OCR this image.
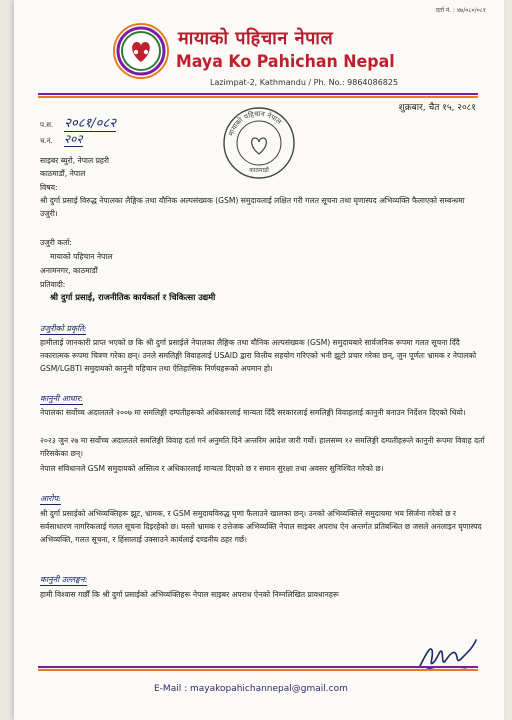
दर्ता नं. : ४७/०८०/०८१
मायाको पहिचान नेपाल
Maya Ko Pahichan Nepal
Lazimpat-2, Kathmandu / Ph. No.: 9864086825
प.स. २०८१/०८२
च.नं. २०२	मायाको पहिचान नेपाल
काठमाडौं
शुक्रबार, चैत १५, २०८१
साइबर ब्युरो, नेपाल प्रहरी
काठमाडौं, नेपाल
विषय:
श्री दुर्गा प्रसाई विरुद्ध नेपालका लैङ्गिक तथा यौनिक अल्पसंख्यक (GSM) समुदायलाई लक्षित गरी गलत सूचना तथा घृणास्पद अभिव्यक्ति फैलाएको सम्बन्धमा उजुरी।
उजुरी कर्ता:
मायाको पहिचान नेपाल
अनामनगर, काठमाडौं
प्रतिवादी:
श्री दुर्गा प्रसाई, राजनीतिक कार्यकर्ता र चिकित्सा उद्यमी
उजुरीको प्रकृति:
हामीलाई जानकारी प्राप्त भएको छ कि श्री दुर्गा प्रसाईले नेपालका लैङ्गिक तथा यौनिक अल्पसंख्यक (GSM) समुदायबारे सार्वजनिक रूपमा गलत सूचना दिँदै नकारात्मक रूपमा चित्रण गरेका छन्। उनले समलिङ्गी विवाहलाई USAID द्वारा वित्तीय सहयोग गरिएको भनी झूटो प्रचार गरेका छन्, जुन पूर्णतः भ्रामक र नेपालको GSM/LGBTI समुदायको कानुनी पहिचान तथा ऐतिहासिक निर्णयहरूको अपमान हो।
कानुनी आधार:
नेपालका सर्वोच्च अदालतले २००७ मा समलिङ्गी दम्पतीहरूको अधिकारलाई मान्यता दिँदै सरकारलाई समलिङ्गी विवाहलाई कानुनी बनाउन निर्देशन दिएको थियो।
२०२३ जुन २७ मा सर्वोच्च अदालतले समलिङ्गी विवाह दर्ता गर्न अनुमति दिने अन्तरिम आदेश जारी गर्यो। हालसम्म १२ समलिङ्गी दम्पतीहरूले कानुनी रूपमा विवाह दर्ता गरिसकेका छन्।
नेपाल संविधानले GSM समुदायको अस्तित्व र अधिकारलाई मान्यता दिएको छ र समान सुरक्षा तथा अवसर सुनिश्चित गरेको छ।
आरोप:
श्री दुर्गा प्रसाईको अभिव्यक्तिहरू झूट, भ्रामक, र GSM समुदायविरुद्ध घृणा फैलाउने खालका छन्। उनको अभिव्यक्तिले समुदायमा भय सिर्जना गरेको छ र सर्वसाधारण नागरिकलाई गलत सूचना दिइरहेको छ। यस्तो भ्रामक र उत्तेजक अभिव्यक्ति नेपाल साइबर अपराध ऐन अन्तर्गत प्रतिबन्धित छ जसले अनलाइन घृणास्पद अभिव्यक्ति, गलत सूचना, र हिंसालाई उक्साउने कार्यलाई दण्डनीय ठहर गर्छ।
कानुनी उल्लङ्घन:
हामी विश्वास गर्छौं कि श्री दुर्गा प्रसाईको अभिव्यक्तिहरू नेपाल साइबर अपराध ऐनको निम्नलिखित प्रावधानहरू
E-Mail : mayakopahichannepal@gmail.com
